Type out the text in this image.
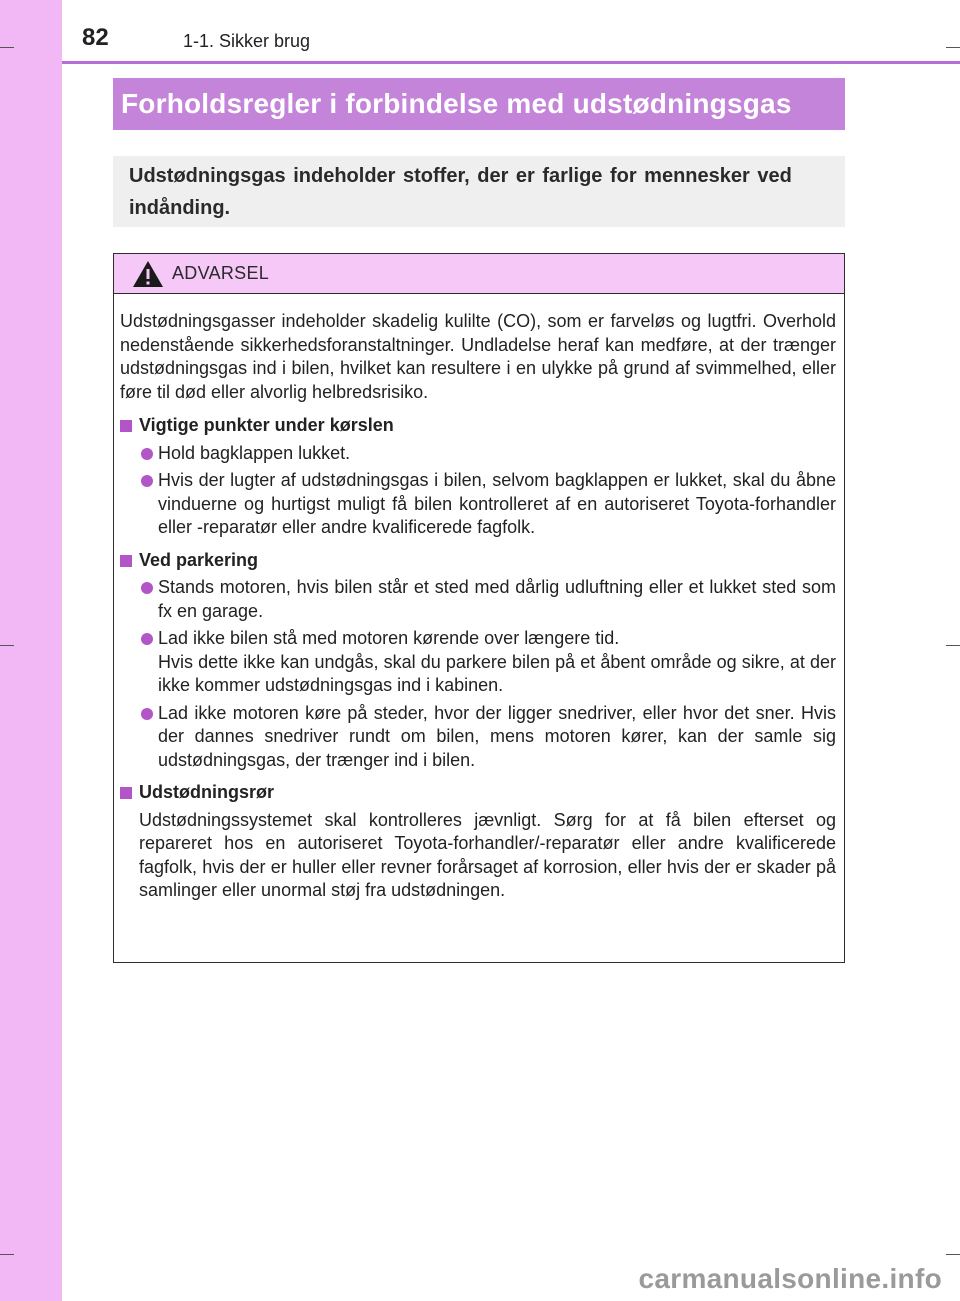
82	1-1. Sikker brug
Forholdsregler i forbindelse med udstødningsgas
Udstødningsgas indeholder stoffer, der er farlige for mennesker ved indånding.
ADVARSEL
Udstødningsgasser indeholder skadelig kulilte (CO), som er farveløs og lugtfri. Overhold nedenstående sikkerhedsforanstaltninger. Undladelse heraf kan medføre, at der trænger udstødningsgas ind i bilen, hvilket kan resultere i en ulykke på grund af svimmelhed, eller føre til død eller alvorlig helbredsrisiko.
Vigtige punkter under kørslen
Hold bagklappen lukket.
Hvis der lugter af udstødningsgas i bilen, selvom bagklappen er lukket, skal du åbne vinduerne og hurtigst muligt få bilen kontrolleret af en autoriseret Toyota-forhandler eller -reparatør eller andre kvalificerede fagfolk.
Ved parkering
Stands motoren, hvis bilen står et sted med dårlig udluftning eller et lukket sted som fx en garage.
Lad ikke bilen stå med motoren kørende over længere tid.
Hvis dette ikke kan undgås, skal du parkere bilen på et åbent område og sikre, at der ikke kommer udstødningsgas ind i kabinen.
Lad ikke motoren køre på steder, hvor der ligger snedriver, eller hvor det sner. Hvis der dannes snedriver rundt om bilen, mens motoren kører, kan der samle sig udstødningsgas, der trænger ind i bilen.
Udstødningsrør
Udstødningssystemet skal kontrolleres jævnligt. Sørg for at få bilen efterset og repareret hos en autoriseret Toyota-forhandler/-reparatør eller andre kvalificerede fagfolk, hvis der er huller eller revner forårsaget af korrosion, eller hvis der er skader på samlinger eller unormal støj fra udstødningen.
carmanualsonline.info
